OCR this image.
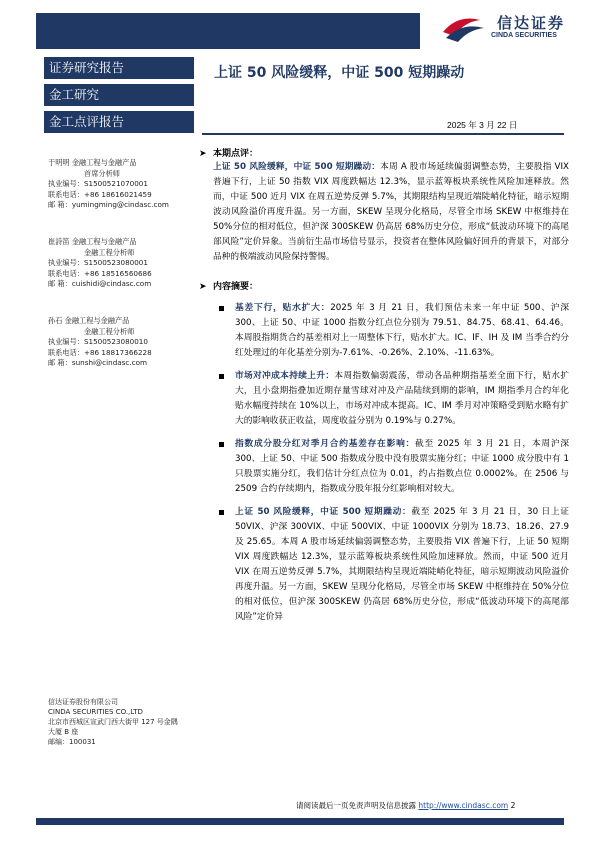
信达证券
CINDA SECURITIES
证券研究报告
金工研究
金工点评报告
上证 50 风险缓释，中证 500 短期躁动
2025 年 3 月 22 日
于明明 金融工程与金融产品
首席分析师
执业编号：S1500521070001
联系电话：+86 18616021459
邮 箱：yumingming@cindasc.com
崔詩笛 金融工程与金融产品
金融工程分析师
执业编号：S1500523080001
联系电话：+86 18516560686
邮 箱：cuishidi@cindasc.com
孙石 金融工程与金融产品
金融工程分析师
执业编号：S1500523080010
联系电话：+86 18817366228
邮 箱：sunshi@cindasc.com
信达证券股份有限公司
CINDA SECURITIES CO.,LTD
北京市西城区宣武门西大街甲 127 号金隅
大厦 B 座
邮编：100031
➤ 本期点评：
上证 50 风险缓释，中证 500 短期躁动：本周 A 股市场延续偏弱调整态势，主要股指 VIX 普遍下行，上证 50 指数 VIX 周度跌幅达 12.3%，显示蓝筹板块系统性风险加速释放。然而，中证 500 近月 VIX 在周五逆势反弹 5.7%，其期限结构呈现近端陡峭化特征，暗示短期波动风险溢价再度升温。另一方面，SKEW 呈现分化格局，尽管全市场 SKEW 中枢维持在 50%分位的相对低位，但沪深 300SKEW 仍高居 68%历史分位，形成“低波动环境下的高尾部风险”定价异象。当前衍生品市场信号显示，投资者在整体风险偏好回升的背景下，对部分品种的极端波动风险保持警惕。
➤ 内容摘要：
基差下行，贴水扩大：2025 年 3 月 21 日，我们预估未来一年中证 500、沪深 300、上证 50、中证 1000 指数分红点位分别为 79.51、84.75、68.41、64.46。本周股指期货合约基差相对上一周整体下行，贴水扩大。IC、IF、IH 及 IM 当季合约分红处理过的年化基差分别为-7.61%、-0.26%、2.10%、-11.63%。
市场对冲成本持续上升：本周指数偏弱震荡，带动各品种期指基差全面下行，贴水扩大，且小盘期指叠加近期存量雪球对冲及产品陆续到期的影响，IM 期指季月合约年化贴水幅度持续在 10%以上，市场对冲成本提高。IC、IM 季月对冲策略受到贴水略有扩大的影响收获正收益，周度收益分别为 0.19%与 0.27%。
指数成分股分红对季月合约基差存在影响：截至 2025 年 3 月 21 日，本周沪深 300、上证 50、中证 500 指数成分股中没有股票实施分红；中证 1000 成分股中有 1 只股票实施分红，我们估计分红点位为 0.01，约占指数点位 0.0002%。在 2506 与 2509 合约存续期内，指数成分股年报分红影响相对较大。
上证 50 风险缓释，中证 500 短期躁动：截至 2025 年 3 月 21 日，30 日上证 50VIX、沪深 300VIX、中证 500VIX、中证 1000VIX 分别为 18.73、18.26、27.9 及 25.65。本周 A 股市场延续偏弱调整态势，主要股指 VIX 普遍下行，上证 50 短期 VIX 周度跌幅达 12.3%，显示蓝筹板块系统性风险加速释放。然而，中证 500 近月 VIX 在周五逆势反弹 5.7%，其期限结构呈现近端陡峭化特征，暗示短期波动风险溢价再度升温。另一方面，SKEW 呈现分化格局，尽管全市场 SKEW 中枢维持在 50%分位的相对低位，但沪深 300SKEW 仍高居 68%历史分位，形成“低波动环境下的高尾部风险”定价异
请阅读最后一页免责声明及信息披露 http://www.cindasc.com 2
